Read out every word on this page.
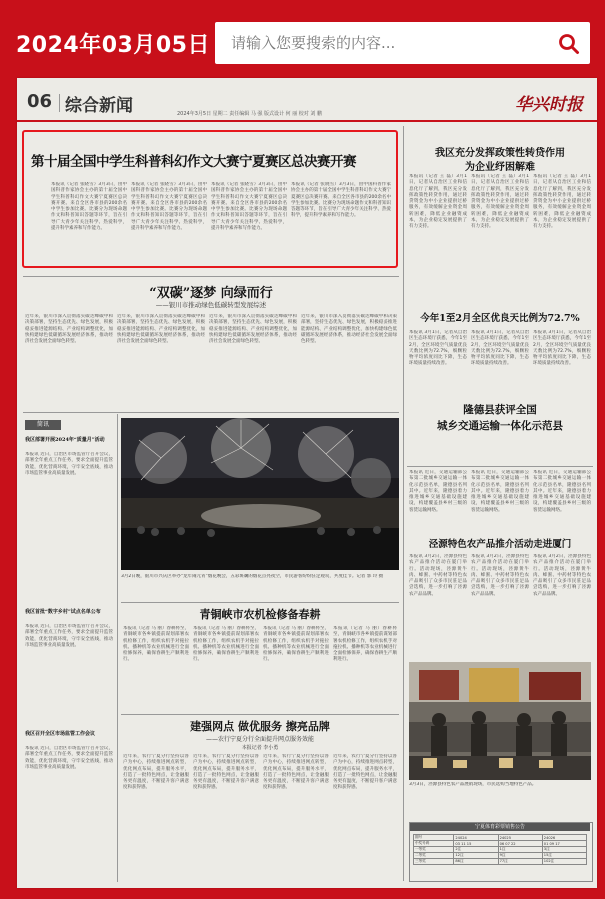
2024年03月05日
请输入您要搜索的内容...
06 综合新闻	2024年3月5日 星期二 责任编辑 马 强 版式设计 何 丽 校对 刘 鹏	华兴时报
第十届全国中学生科普科幻作文大赛宁夏赛区总决赛开赛
本报讯（记者 张晓雪）3月3日，由中国科普作家协会主办的第十届全国中学生科普科幻作文大赛宁夏赛区总决赛开赛。来自全区各市县的200余名中学生参加比赛。比赛分为现场命题作文和科普知识答题等环节，旨在引导广大青少年关注科学、热爱科学，提升科学素养和写作能力。
本报讯（记者 张晓雪）3月3日，由中国科普作家协会主办的第十届全国中学生科普科幻作文大赛宁夏赛区总决赛开赛。来自全区各市县的200余名中学生参加比赛。比赛分为现场命题作文和科普知识答题等环节，旨在引导广大青少年关注科学、热爱科学，提升科学素养和写作能力。
本报讯（记者 张晓雪）3月3日，由中国科普作家协会主办的第十届全国中学生科普科幻作文大赛宁夏赛区总决赛开赛。来自全区各市县的200余名中学生参加比赛。比赛分为现场命题作文和科普知识答题等环节，旨在引导广大青少年关注科学、热爱科学，提升科学素养和写作能力。
本报讯（记者 张晓雪）3月3日，由中国科普作家协会主办的第十届全国中学生科普科幻作文大赛宁夏赛区总决赛开赛。来自全区各市县的200余名中学生参加比赛。比赛分为现场命题作文和科普知识答题等环节，旨在引导广大青少年关注科学、热爱科学，提升科学素养和写作能力。
我区充分发挥政策性转贷作用
为企业纾困解难
本报讯（记者 王 磊）3月1日，记者从自治区工业和信息化厅了解到，我区充分发挥政策性转贷作用，通过转贷资金为中小企业提供过桥服务，有效缓解企业资金周转困难，降低企业融资成本，为企业稳定发展提供了有力支持。
本报讯（记者 王 磊）3月1日，记者从自治区工业和信息化厅了解到，我区充分发挥政策性转贷作用，通过转贷资金为中小企业提供过桥服务，有效缓解企业资金周转困难，降低企业融资成本，为企业稳定发展提供了有力支持。
本报讯（记者 王 磊）3月1日，记者从自治区工业和信息化厅了解到，我区充分发挥政策性转贷作用，通过转贷资金为中小企业提供过桥服务，有效缓解企业资金周转困难，降低企业融资成本，为企业稳定发展提供了有力支持。
今年1至2月全区优良天比例为72.7%
本报讯 3月1日，记者从自治区生态环境厅获悉，今年1至2月，全区环境空气质量优良天数比例为72.7%，细颗粒物平均浓度同比下降，生态环境质量持续改善。
本报讯 3月1日，记者从自治区生态环境厅获悉，今年1至2月，全区环境空气质量优良天数比例为72.7%，细颗粒物平均浓度同比下降，生态环境质量持续改善。
本报讯 3月1日，记者从自治区生态环境厅获悉，今年1至2月，全区环境空气质量优良天数比例为72.7%，细颗粒物平均浓度同比下降，生态环境质量持续改善。
“双碳”逐梦 向绿而行
——银川市推动绿色低碳转型发展综述
近年来，银川市深入贯彻落实碳达峰碳中和决策部署，坚持生态优先、绿色发展，积极稳妥推进能源结构、产业结构调整优化，加快构建绿色低碳循环发展经济体系，推动经济社会发展全面绿色转型。
近年来，银川市深入贯彻落实碳达峰碳中和决策部署，坚持生态优先、绿色发展，积极稳妥推进能源结构、产业结构调整优化，加快构建绿色低碳循环发展经济体系，推动经济社会发展全面绿色转型。
近年来，银川市深入贯彻落实碳达峰碳中和决策部署，坚持生态优先、绿色发展，积极稳妥推进能源结构、产业结构调整优化，加快构建绿色低碳循环发展经济体系，推动经济社会发展全面绿色转型。
近年来，银川市深入贯彻落实碳达峰碳中和决策部署，坚持生态优先、绿色发展，积极稳妥推进能源结构、产业结构调整优化，加快构建绿色低碳循环发展经济体系，推动经济社会发展全面绿色转型。
简讯
我区部署开展2024年“质量月”活动
本报讯 近日，自治区市场监管厅召开会议，部署全年重点工作任务，要求全面提升监管效能，优化营商环境，守牢安全底线，推动市场监管事业高质量发展。
我区首批“数字乡村”试点名单公布
本报讯 近日，自治区市场监管厅召开会议，部署全年重点工作任务，要求全面提升监管效能，优化营商环境，守牢安全底线，推动市场监管事业高质量发展。
我区召开全区市场监管工作会议
本报讯 近日，自治区市场监管厅召开会议，部署全年重点工作任务，要求全面提升监管效能，优化营商环境，守牢安全底线，推动市场监管事业高质量发展。
3月2日晚，银川市兴庆区举办“龙年闹元宵”烟花晚会，五彩斑斓的烟花点亮夜空，市民游客纷纷驻足观赏，共度佳节。记者 郭 玲 摄
青铜峡市农机检修备春耕
本报讯（记者 马 丽）春耕将至，青铜峡市各乡镇提前谋划部署农机检修工作，组织农机手对拖拉机、播种机等农业机械进行全面检修保养，确保春耕生产顺利进行。
本报讯（记者 马 丽）春耕将至，青铜峡市各乡镇提前谋划部署农机检修工作，组织农机手对拖拉机、播种机等农业机械进行全面检修保养，确保春耕生产顺利进行。
本报讯（记者 马 丽）春耕将至，青铜峡市各乡镇提前谋划部署农机检修工作，组织农机手对拖拉机、播种机等农业机械进行全面检修保养，确保春耕生产顺利进行。
本报讯（记者 马 丽）春耕将至，青铜峡市各乡镇提前谋划部署农机检修工作，组织农机手对拖拉机、播种机等农业机械进行全面检修保养，确保春耕生产顺利进行。
建强网点 做优服务 擦亮品牌
——农行宁夏分行全面提升网点服务效能
本报记者 李小勇
近年来，农行宁夏分行坚持以客户为中心，持续推进网点转型，优化网点布局，提升服务水平，打造了一批特色网点，让金融服务更有温度，不断提升客户满意度和获得感。
近年来，农行宁夏分行坚持以客户为中心，持续推进网点转型，优化网点布局，提升服务水平，打造了一批特色网点，让金融服务更有温度，不断提升客户满意度和获得感。
近年来，农行宁夏分行坚持以客户为中心，持续推进网点转型，优化网点布局，提升服务水平，打造了一批特色网点，让金融服务更有温度，不断提升客户满意度和获得感。
近年来，农行宁夏分行坚持以客户为中心，持续推进网点转型，优化网点布局，提升服务水平，打造了一批特色网点，让金融服务更有温度，不断提升客户满意度和获得感。
隆德县获评全国
城乡交通运输一体化示范县
本报讯 近日，交通运输部公布第二批城乡交通运输一体化示范县名单，隆德县名列其中。近年来，隆德县着力推进城乡交通基础设施建设，构建覆盖县乡村三级的客货运输网络。
本报讯 近日，交通运输部公布第二批城乡交通运输一体化示范县名单，隆德县名列其中。近年来，隆德县着力推进城乡交通基础设施建设，构建覆盖县乡村三级的客货运输网络。
本报讯 近日，交通运输部公布第二批城乡交通运输一体化示范县名单，隆德县名列其中。近年来，隆德县着力推进城乡交通基础设施建设，构建覆盖县乡村三级的客货运输网络。
泾源特色农产品推介活动走进厦门
本报讯 3月2日，泾源县特色农产品推介活动在厦门举行。活动现场，泾源黄牛肉、蜂蜜、中药材等特色农产品吸引了众多市民驻足品尝选购，进一步打响了泾源农产品品牌。
本报讯 3月2日，泾源县特色农产品推介活动在厦门举行。活动现场，泾源黄牛肉、蜂蜜、中药材等特色农产品吸引了众多市民驻足品尝选购，进一步打响了泾源农产品品牌。
本报讯 3月2日，泾源县特色农产品推介活动在厦门举行。活动现场，泾源黄牛肉、蜂蜜、中药材等特色农产品吸引了众多市民驻足品尝选购，进一步打响了泾源农产品品牌。
3月3日，泾源县特色农产品展销现场，市民选购当地特色产品。
宁夏体育彩票销售公告
期号	24024	24025	24026
中奖号码	03 11 15	06 07 22	01 09 17
一等奖	2注	1注	3注
二等奖	12注	9注	15注
三等奖	86注	77注	102注
